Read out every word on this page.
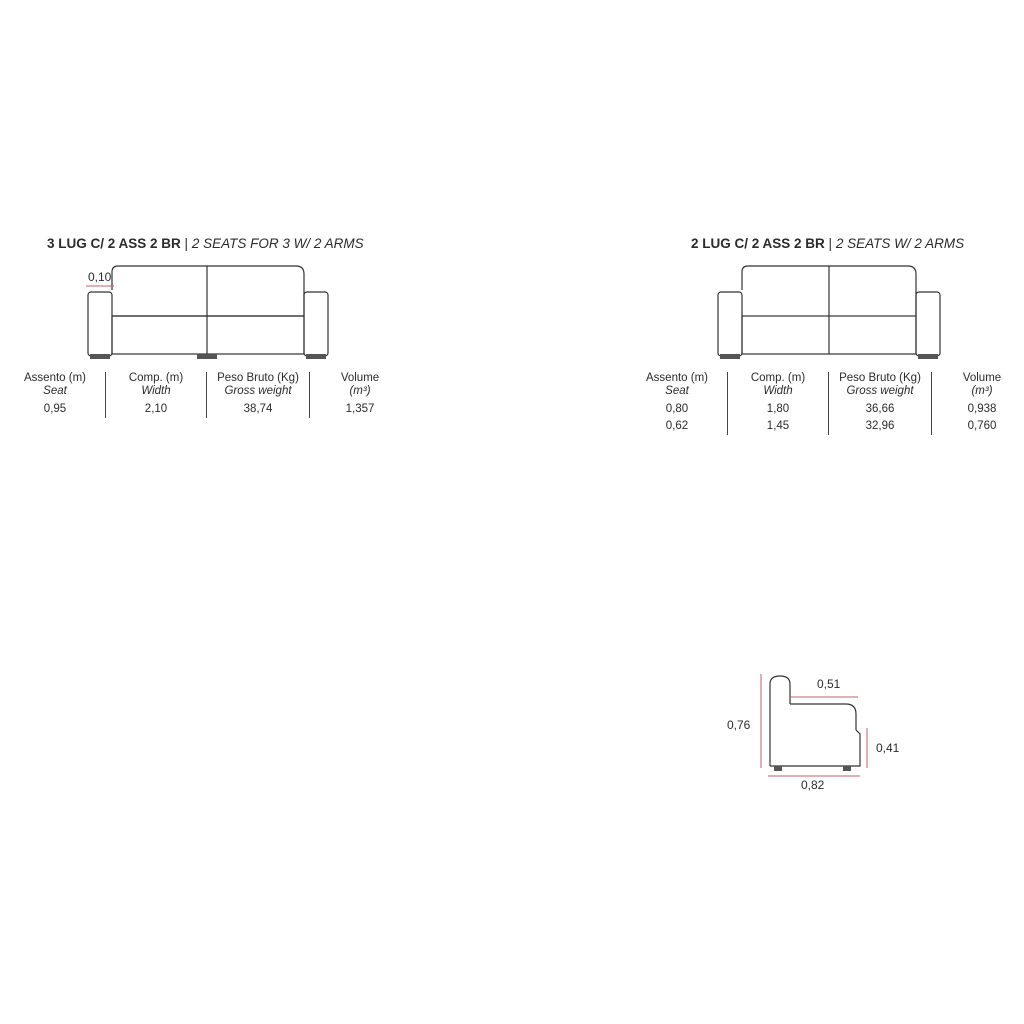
3 LUG C/ 2 ASS 2 BR | 2 SEATS FOR 3 W/ 2 ARMS
0,10
Assento (m)
Seat
0,95
Comp. (m)
Width
2,10
Peso Bruto (Kg)
Gross weight
38,74
Volume
(m³)
1,357
2 LUG C/ 2 ASS 2 BR | 2 SEATS W/ 2 ARMS
Assento (m)
Seat
0,80
0,62
Comp. (m)
Width
1,80
1,45
Peso Bruto (Kg)
Gross weight
36,66
32,96
Volume
(m³)
0,938
0,760
0,51
0,76
0,41
0,82
